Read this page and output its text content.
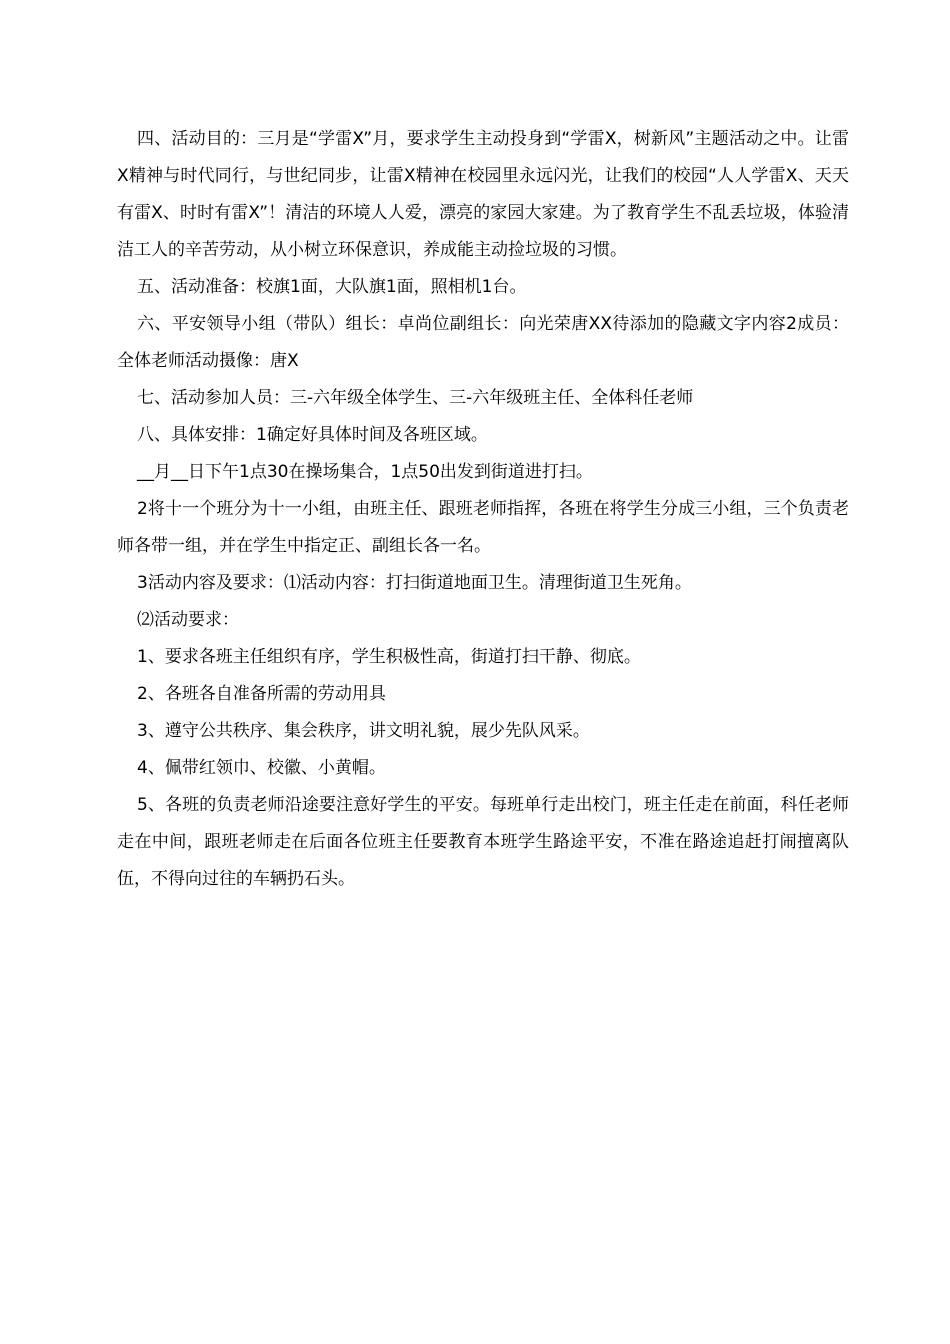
四、活动目的：三月是“学雷X”月，要求学生主动投身到“学雷X，树新风”主题活动之中。让雷X精神与时代同行，与世纪同步，让雷X精神在校园里永远闪光，让我们的校园“人人学雷X、天天有雷X、时时有雷X”！清洁的环境人人爱，漂亮的家园大家建。为了教育学生不乱丢垃圾，体验清洁工人的辛苦劳动，从小树立环保意识，养成能主动捡垃圾的习惯。

五、活动准备：校旗1面，大队旗1面，照相机1台。

六、平安领导小组（带队）组长：卓尚位副组长：向光荣唐XX待添加的隐藏文字内容2成员：全体老师活动摄像：唐X

七、活动参加人员：三-六年级全体学生、三-六年级班主任、全体科任老师

八、具体安排：1确定好具体时间及各班区域。

__月__日下午1点30在操场集合，1点50出发到街道进打扫。

2将十一个班分为十一小组，由班主任、跟班老师指挥，各班在将学生分成三小组，三个负责老师各带一组，并在学生中指定正、副组长各一名。

3活动内容及要求：⑴活动内容：打扫街道地面卫生。清理街道卫生死角。

⑵活动要求：

1、要求各班主任组织有序，学生积极性高，街道打扫干静、彻底。

2、各班各自准备所需的劳动用具

3、遵守公共秩序、集会秩序，讲文明礼貌，展少先队风采。

4、佩带红领巾、校徽、小黄帽。

5、各班的负责老师沿途要注意好学生的平安。每班单行走出校门，班主任走在前面，科任老师走在中间，跟班老师走在后面各位班主任要教育本班学生路途平安，不准在路途追赶打闹擅离队伍，不得向过往的车辆扔石头。
